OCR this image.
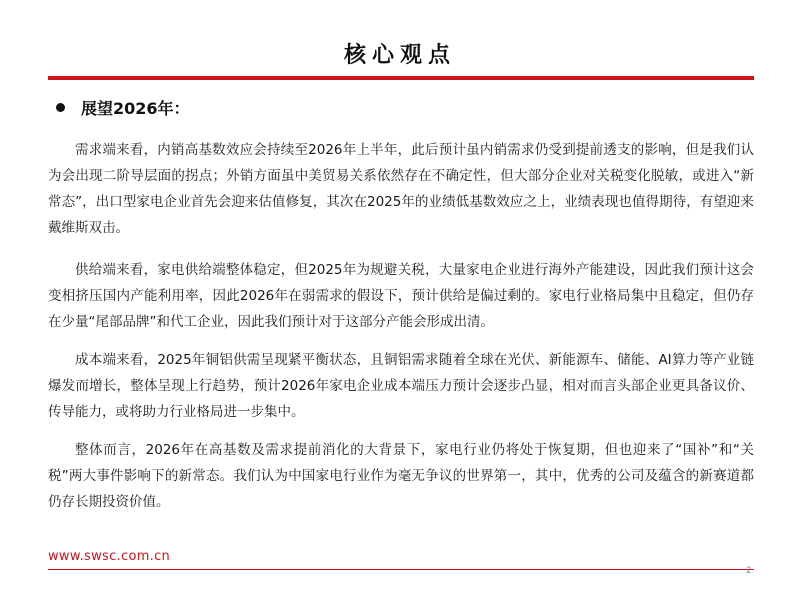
核心观点
展望2026年：

需求端来看，内销高基数效应会持续至2026年上半年，此后预计虽内销需求仍受到提前透支的影响，但是我们认为会出现二阶导层面的拐点；外销方面虽中美贸易关系依然存在不确定性，但大部分企业对关税变化脱敏，或进入“新常态”，出口型家电企业首先会迎来估值修复，其次在2025年的业绩低基数效应之上，业绩表现也值得期待，有望迎来戴维斯双击。

供给端来看，家电供给端整体稳定，但2025年为规避关税，大量家电企业进行海外产能建设，因此我们预计这会变相挤压国内产能利用率，因此2026年在弱需求的假设下，预计供给是偏过剩的。家电行业格局集中且稳定，但仍存在少量“尾部品牌”和代工企业，因此我们预计对于这部分产能会形成出清。

成本端来看，2025年铜铝供需呈现紧平衡状态，且铜铝需求随着全球在光伏、新能源车、储能、AI算力等产业链爆发而增长，整体呈现上行趋势，预计2026年家电企业成本端压力预计会逐步凸显，相对而言头部企业更具备议价、传导能力，或将助力行业格局进一步集中。

整体而言，2026年在高基数及需求提前消化的大背景下，家电行业仍将处于恢复期，但也迎来了“国补”和“关税”两大事件影响下的新常态。我们认为中国家电行业作为毫无争议的世界第一，其中，优秀的公司及蕴含的新赛道都仍存长期投资价值。

www.swsc.com.cn
2
